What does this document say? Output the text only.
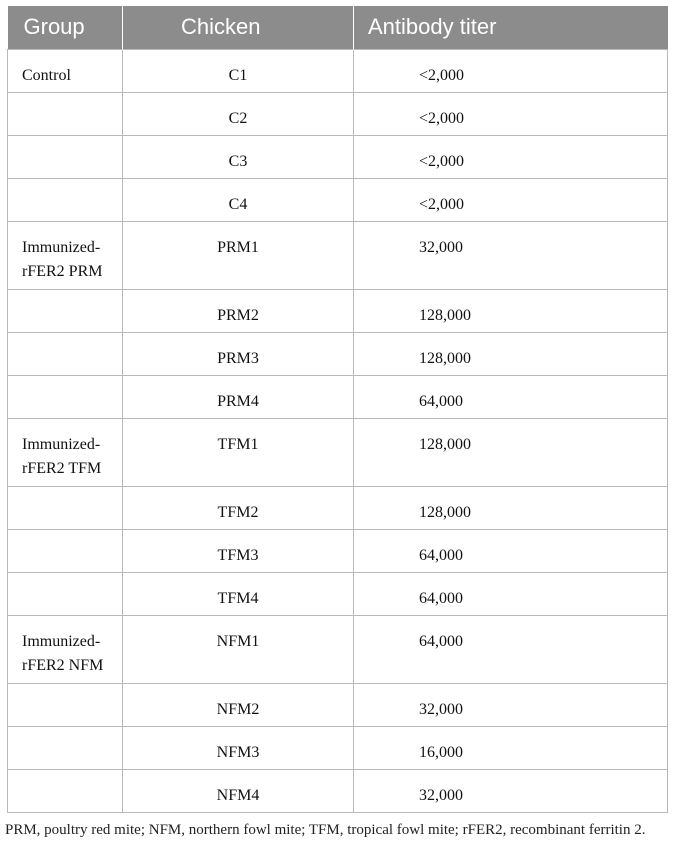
Group	Chicken	Antibody titer
Control	C1	<2,000
	C2	<2,000
	C3	<2,000
	C4	<2,000
Immunized-
rFER2 PRM	PRM1	32,000
	PRM2	128,000
	PRM3	128,000
	PRM4	64,000
Immunized-
rFER2 TFM	TFM1	128,000
	TFM2	128,000
	TFM3	64,000
	TFM4	64,000
Immunized-
rFER2 NFM	NFM1	64,000
	NFM2	32,000
	NFM3	16,000
	NFM4	32,000
PRM, poultry red mite; NFM, northern fowl mite; TFM, tropical fowl mite; rFER2, recombinant ferritin 2.
